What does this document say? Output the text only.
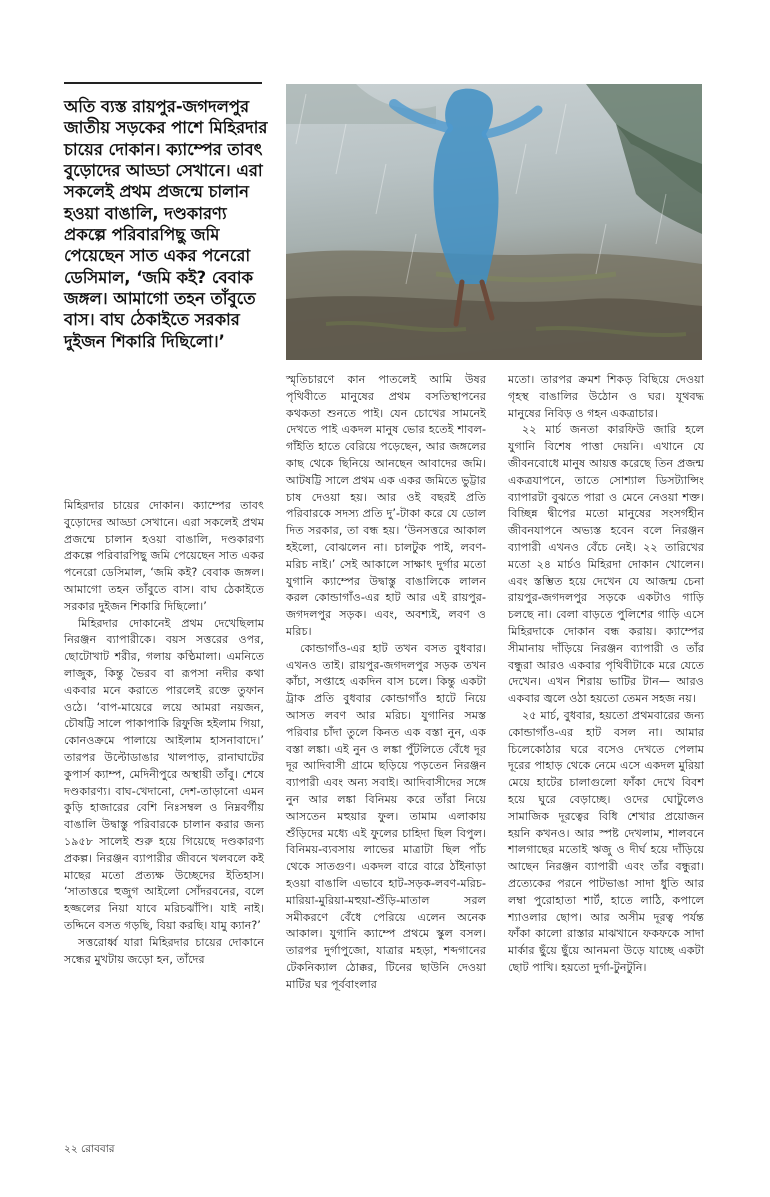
অতি ব্যস্ত রায়পুর-জগদলপুর জাতীয় সড়কের পাশে মিহিরদার চায়ের দোকান। ক্যাম্পের তাবৎ বুড়োদের আড্ডা সেখানে। এরা সকলেই প্রথম প্রজন্মে চালান হওয়া বাঙালি, দণ্ডকারণ্য প্রকল্পে পরিবারপিছু জমি পেয়েছেন সাত একর পনেরো ডেসিমাল, ‘জমি কই? বেবাক জঙ্গল। আমাগো তহন তাঁবুতে বাস। বাঘ ঠেকাইতে সরকার দুইজন শিকারি দিছিলো।’

মিহিরদার চায়ের দোকান। ক্যাম্পের তাবৎ বুড়োদের আড্ডা সেখানে। এরা সকলেই প্রথম প্রজন্মে চালান হওয়া বাঙালি, দণ্ডকারণ্য প্রকল্পে পরিবারপিছু জমি পেয়েছেন সাত একর পনেরো ডেসিমাল, ‘জমি কই? বেবাক জঙ্গল। আমাগো তহন তাঁবুতে বাস। বাঘ ঠেকাইতে সরকার দুইজন শিকারি দিছিলো।’

মিহিরদার দোকানেই প্রথম দেখেছিলাম নিরঞ্জন ব্যাপারীকে। বয়স সত্তরের ওপর, ছোটোখাট শরীর, গলায় কণ্ঠিমালা। এমনিতে লাজুক, কিন্তু ভৈরব বা রূপসা নদীর কথা একবার মনে করাতে পারলেই রক্তে তুফান ওঠে। ‘বাপ-মায়েরে লয়ে আমরা নয়জন, চৌষট্টি সালে পাকাপাকি রিফুজি হইলাম গিয়া, কোনওক্রমে পালায়ে আইলাম হাসনাবাদে।’ তারপর উল্টোডাঙার খালপাড়, রানাঘাটের কুপার্স ক্যাম্প, মেদিনীপুরে অস্থায়ী তাঁবু। শেষে দণ্ডকারণ্য। বাঘ-খেদানো, দেশ-তাড়ানো এমন কুড়ি হাজারের বেশি নিঃসম্বল ও নিম্নবর্গীয় বাঙালি উদ্বাস্তু পরিবারকে চালান করার জন্য ১৯৫৮ সালেই শুরু হয়ে গিয়েছে দণ্ডকারণ্য প্রকল্প। নিরঞ্জন ব্যাপারীর জীবনে খলবলে কই মাছের মতো প্রত্যক্ষ উচ্ছেদের ইতিহাস। ‘সাতাত্তরে হুজুগ আইলো সোঁদরবনের, বলে হজ্জলের নিয়া যাবে মরিচঝাঁপি। যাই নাই। তদ্দিনে বসত গড়ছি, বিয়া করছি। যামু ক্যান?’

সত্তরোর্ধ্ব যারা মিহিরদার চায়ের দোকানে সন্ধের মুখটায় জড়ো হন, তাঁদের

স্মৃতিচারণে কান পাতলেই আমি উষর পৃথিবীতে মানুষের প্রথম বসতিস্থাপনের কথকতা শুনতে পাই। যেন চোখের সামনেই দেখতে পাই একদল মানুষ ভোর হতেই শাবল-গাঁইতি হাতে বেরিয়ে পড়েছেন, আর জঙ্গলের কাছ থেকে ছিনিয়ে আনছেন আবাদের জমি। আটষট্টি সালে প্রথম এক একর জমিতে ভুট্টার চাষ দেওয়া হয়। আর ওই বছরই প্রতি পরিবারকে সদস্য প্রতি দু’-টাকা করে যে ডোল দিত সরকার, তা বন্ধ হয়। ‘উনসত্তরে আকাল হইলো, বোঝলেন না। চালটুক পাই, লবণ-মরিচ নাই।’ সেই আকালে সাক্ষাৎ দুর্গার মতো যুগানি ক্যাম্পের উদ্বাস্তু বাঙালিকে লালন করল কোন্ডাগাঁও-এর হাট আর এই রায়পুর-জগদলপুর সড়ক। এবং, অবশ্যই, লবণ ও মরিচ।

কোন্ডাগাঁও-এর হাট তখন বসত বুধবার। এখনও তাই। রায়পুর-জগদলপুর সড়ক তখন কাঁচা, সপ্তাহে একদিন বাস চলে। কিন্তু একটা ট্রাক প্রতি বুধবার কোন্ডাগাঁও হাটে নিয়ে আসত লবণ আর মরিচ। যুগানির সমস্ত পরিবার চাঁদা তুলে কিনত এক বস্তা নুন, এক বস্তা লঙ্কা। এই নুন ও লঙ্কা পুঁটলিতে বেঁধে দূর দূর আদিবাসী গ্রামে ছড়িয়ে পড়তেন নিরঞ্জন ব্যাপারী এবং অন্য সবাই। আদিবাসীদের সঙ্গে নুন আর লঙ্কা বিনিময় করে তাঁরা নিয়ে আসতেন মহুয়ার ফুল। তামাম এলাকায় শুঁড়িদের মধ্যে এই ফুলের চাহিদা ছিল বিপুল। বিনিময়-ব্যবসায় লাভের মাত্রাটা ছিল পাঁচ থেকে সাতগুণ। একদল বারে বারে ঠাঁইনাড়া হওয়া বাঙালি এভাবে হাট-সড়ক-লবণ-মরিচ-মারিয়া-মুরিয়া-মহুয়া-শুঁড়ি-মাতাল সরল সমীকরণে বেঁধে পেরিয়ে এলেন অনেক আকাল। যুগানি ক্যাম্পে প্রথমে স্কুল বসল। তারপর দুর্গাপুজো, যাত্রার মহড়া, শব্দগানের টেকনিক্যাল ঠোক্কর, টিনের ছাউনি দেওয়া মাটির ঘর পূর্ববাংলার

মতো। তারপর ক্রমশ শিকড় বিছিয়ে দেওয়া গৃহস্থ বাঙালির উঠোন ও ঘর। যূথবদ্ধ মানুষের নিবিড় ও গহন একত্রাচার।

২২ মার্চ জনতা কারফিউ জারি হলে যুগানি বিশেষ পাত্তা দেয়নি। এখানে যে জীবনবোধে মানুষ আয়ত্ত করেছে তিন প্রজন্ম একত্রযাপনে, তাতে সোশ্যাল ডিসট্যান্সিং ব্যাপারটা বুঝতে পারা ও মেনে নেওয়া শক্ত। বিচ্ছিন্ন দ্বীপের মতো মানুষের সংসর্গহীন জীবনযাপনে অভ্যস্ত হবেন বলে নিরঞ্জন ব্যাপারী এখনও বেঁচে নেই। ২২ তারিখের মতো ২৪ মার্চও মিহিরদা দোকান খোলেন। এবং স্তম্ভিত হয়ে দেখেন যে আজন্ম চেনা রায়পুর-জগদলপুর সড়কে একটাও গাড়ি চলছে না। বেলা বাড়তে পুলিশের গাড়ি এসে মিহিরদাকে দোকান বন্ধ করায়। ক্যাম্পের সীমানায় দাঁড়িয়ে নিরঞ্জন ব্যাপারী ও তাঁর বন্ধুরা আরও একবার পৃথিবীটাকে মরে যেতে দেখেন। এখন শিরায় ভাটির টান— আরও একবার জ্বলে ওঠা হয়তো তেমন সহজ নয়।

২৫ মার্চ, বুধবার, হয়তো প্রথমবারের জন্য কোন্ডাগাঁও-এর হাট বসল না। আমার চিলেকোঠার ঘরে বসেও দেখতে পেলাম দূরের পাহাড় থেকে নেমে এসে একদল মুরিয়া মেয়ে হাটের চালাগুলো ফাঁকা দেখে বিবশ হয়ে ঘুরে বেড়াচ্ছে। ওদের ঘোটুলেও সামাজিক দূরত্বের বিধি শেখার প্রয়োজন হয়নি কখনও। আর স্পষ্ট দেখলাম, শালবনে শালগাছের মতোই ঋজু ও দীর্ঘ হয়ে দাঁড়িয়ে আছেন নিরঞ্জন ব্যাপারী এবং তাঁর বন্ধুরা। প্রত্যেকের পরনে পাটভাঙা সাদা ধুতি আর লম্বা পুরোহাতা শার্ট, হাতে লাঠি, কপালে শ্যাওলার ছোপ। আর অসীম দূরত্ব পর্যন্ত ফাঁকা কালো রাস্তার মাঝখানে ফকফকে সাদা মার্কার ছুঁয়ে ছুঁয়ে আনমনা উড়ে যাচ্ছে একটা ছোট পাখি। হয়তো দুর্গা-টুনটুনি।

২২ রোববার
